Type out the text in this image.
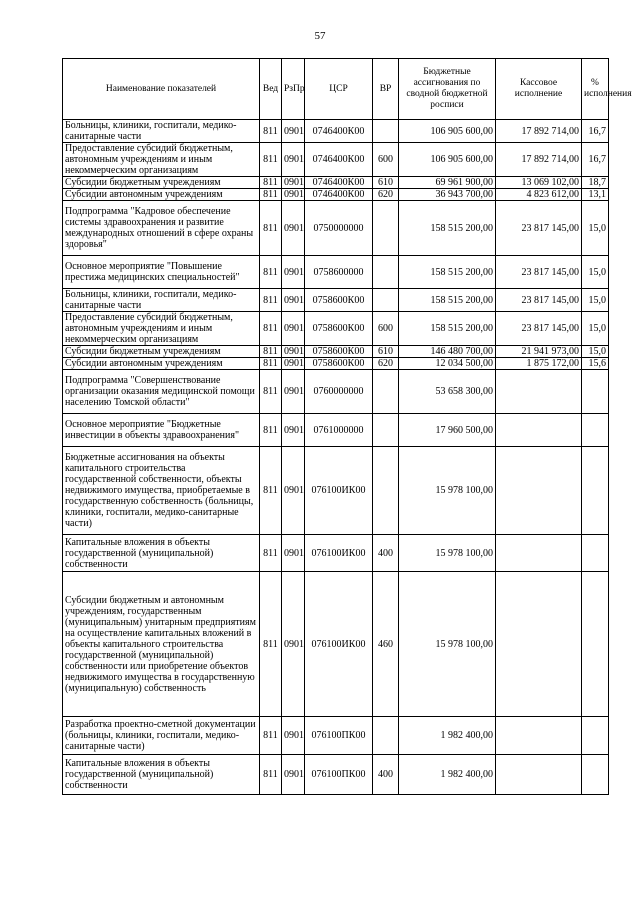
57
Наименование показателей	Вед	РзПр	ЦСР	ВР	Бюджетные ассигнования по сводной бюджетной росписи	Кассовое исполнение	% исполнения
Больницы, клиники, госпитали, медико-санитарные части	811	0901	0746400К00		106 905 600,00	17 892 714,00	16,7
Предоставление субсидий бюджетным, автономным учреждениям и иным некоммерческим организациям	811	0901	0746400К00	600	106 905 600,00	17 892 714,00	16,7
Субсидии бюджетным учреждениям	811	0901	0746400К00	610	69 961 900,00	13 069 102,00	18,7
Субсидии автономным учреждениям	811	0901	0746400К00	620	36 943 700,00	4 823 612,00	13,1
Подпрограмма "Кадровое обеспечение системы здравоохранения и развитие международных отношений в сфере охраны здоровья"	811	0901	0750000000		158 515 200,00	23 817 145,00	15,0
Основное мероприятие "Повышение престижа медицинских специальностей"	811	0901	0758600000		158 515 200,00	23 817 145,00	15,0
Больницы, клиники, госпитали, медико-санитарные части	811	0901	0758600К00		158 515 200,00	23 817 145,00	15,0
Предоставление субсидий бюджетным, автономным учреждениям и иным некоммерческим организациям	811	0901	0758600К00	600	158 515 200,00	23 817 145,00	15,0
Субсидии бюджетным учреждениям	811	0901	0758600К00	610	146 480 700,00	21 941 973,00	15,0
Субсидии автономным учреждениям	811	0901	0758600К00	620	12 034 500,00	1 875 172,00	15,6
Подпрограмма "Совершенствование организации оказания медицинской помощи населению Томской области"	811	0901	0760000000		53 658 300,00		
Основное мероприятие "Бюджетные инвестиции в объекты здравоохранения"	811	0901	0761000000		17 960 500,00		
Бюджетные ассигнования на объекты капитального строительства государственной собственности, объекты недвижимого имущества, приобретаемые в государственную собственность (больницы, клиники, госпитали, медико-санитарные части)	811	0901	076100ИК00		15 978 100,00		
Капитальные вложения в объекты государственной (муниципальной) собственности	811	0901	076100ИК00	400	15 978 100,00		
Субсидии бюджетным и автономным учреждениям, государственным (муниципальным) унитарным предприятиям на осуществление капитальных вложений в объекты капитального строительства государственной (муниципальной) собственности или приобретение объектов недвижимого имущества в государственную (муниципальную) собственность	811	0901	076100ИК00	460	15 978 100,00		
Разработка проектно-сметной документации (больницы, клиники, госпитали, медико-санитарные части)	811	0901	076100ПК00		1 982 400,00		
Капитальные вложения в объекты государственной (муниципальной) собственности	811	0901	076100ПК00	400	1 982 400,00		
